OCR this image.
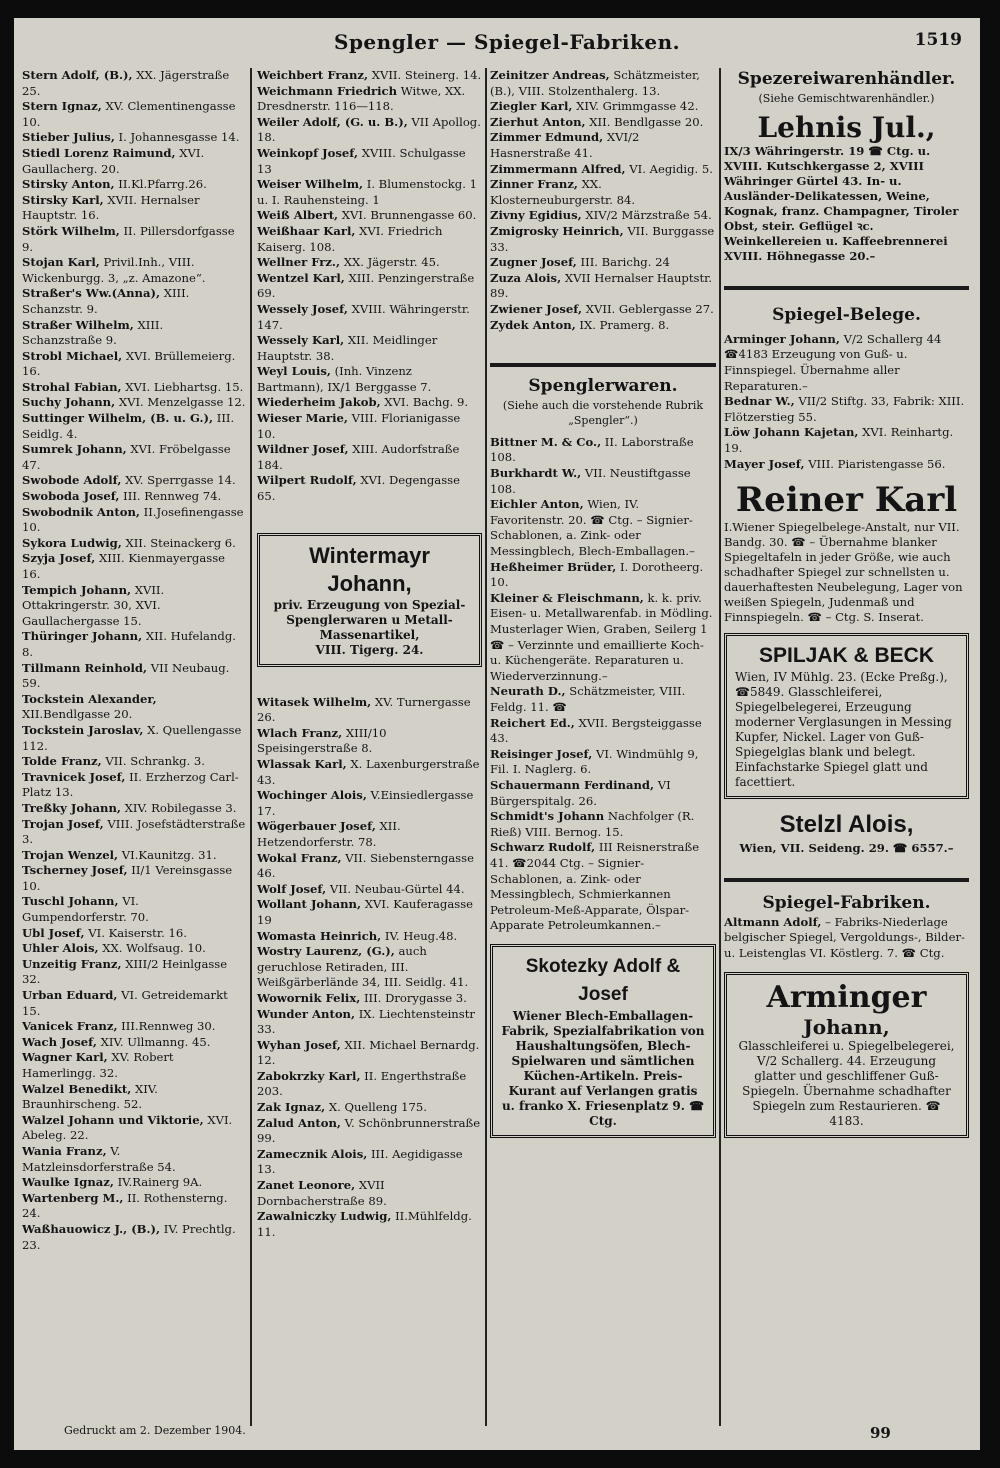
Spengler — Spiegel-Fabriken.	1519
Stern Adolf, (B.), XX. Jägerstraße 25.
Stern Ignaz, XV. Clementinengasse 10.
Stieber Julius, I. Johannesgasse 14.
Stiedl Lorenz Raimund, XVI. Gaullacherg. 20.
Stirsky Anton, II.Kl.Pfarrg.26.
Stirsky Karl, XVII. Hernalser Hauptstr. 16.
Störk Wilhelm, II. Pillersdorfgasse 9.
Stojan Karl, Privil.Inh., VIII. Wickenburgg. 3, „z. Amazone“.
Straßer's Ww.(Anna), XIII. Schanzstr. 9.
Straßer Wilhelm, XIII. Schanzstraße 9.
Strobl Michael, XVI. Brüllemeierg. 16.
Strohal Fabian, XVI. Liebhartsg. 15.
Suchy Johann, XVI. Menzelgasse 12.
Suttinger Wilhelm, (B. u. G.), III. Seidlg. 4.
Sumrek Johann, XVI. Fröbelgasse 47.
Swobode Adolf, XV. Sperrgasse 14.
Swoboda Josef, III. Rennweg 74.
Swobodnik Anton, II.Josefinengasse 10.
Sykora Ludwig, XII. Steinackerg 6.
Szyja Josef, XIII. Kienmayergasse 16.
Tempich Johann, XVII. Ottakringerstr. 30, XVI. Gaullachergasse 15.
Thüringer Johann, XII. Hufelandg. 8.
Tillmann Reinhold, VII Neubaug. 59.
Tockstein Alexander, XII.Bendlgasse 20.
Tockstein Jaroslav, X. Quellengasse 112.
Tolde Franz, VII. Schrankg. 3.
Travnicek Josef, II. Erzherzog Carl-Platz 13.
Treßky Johann, XIV. Robilegasse 3.
Trojan Josef, VIII. Josefstädterstraße 3.
Trojan Wenzel, VI.Kaunitzg. 31.
Tscherney Josef, II/1 Vereinsgasse 10.
Tuschl Johann, VI. Gumpendorferstr. 70.
Ubl Josef, VI. Kaiserstr. 16.
Uhler Alois, XX. Wolfsaug. 10.
Unzeitig Franz, XIII/2 Heinlgasse 32.
Urban Eduard, VI. Getreidemarkt 15.
Vanicek Franz, III.Rennweg 30.
Wach Josef, XIV. Ullmanng. 45.
Wagner Karl, XV. Robert Hamerlingg. 32.
Walzel Benedikt, XIV. Braunhirscheng. 52.
Walzel Johann und Viktorie, XVI. Abeleg. 22.
Wania Franz, V. Matzleinsdorferstraße 54.
Waulke Ignaz, IV.Rainerg 9A.
Wartenberg M., II. Rothensterng. 24.
Waßhauowicz J., (B.), IV. Prechtlg. 23.
Weichbert Franz, XVII. Steinerg. 14.
Weichmann Friedrich Witwe, XX. Dresdnerstr. 116—118.
Weiler Adolf, (G. u. B.), VII Apollog. 18.
Weinkopf Josef, XVIII. Schulgasse 13
Weiser Wilhelm, I. Blumenstockg. 1 u. I. Rauhensteing. 1
Weiß Albert, XVI. Brunnengasse 60.
Weißhaar Karl, XVI. Friedrich Kaiserg. 108.
Wellner Frz., XX. Jägerstr. 45.
Wentzel Karl, XIII. Penzingerstraße 69.
Wessely Josef, XVIII. Währingerstr. 147.
Wessely Karl, XII. Meidlinger Hauptstr. 38.
Weyl Louis, (Inh. Vinzenz Bartmann), IX/1 Berggasse 7.
Wiederheim Jakob, XVI. Bachg. 9.
Wieser Marie, VIII. Florianigasse 10.
Wildner Josef, XIII. Audorfstraße 184.
Wilpert Rudolf, XVI. Degengasse 65.
Wintermayr Johann,
priv. Erzeugung von Spezial-Spenglerwaren u Metall-Massenartikel,
VIII. Tigerg. 24.
Witasek Wilhelm, XV. Turnergasse 26.
Wlach Franz, XIII/10 Speisingerstraße 8.
Wlassak Karl, X. Laxenburgerstraße 43.
Wochinger Alois, V.Einsiedlergasse 17.
Wögerbauer Josef, XII. Hetzendorferstr. 78.
Wokal Franz, VII. Siebensterngasse 46.
Wolf Josef, VII. Neubau-Gürtel 44.
Wollant Johann, XVI. Kauferagasse 19
Womasta Heinrich, IV. Heug.48.
Wostry Laurenz, (G.), auch geruchlose Retiraden, III. Weißgärberlände 34, III. Seidlg. 41.
Wowornik Felix, III. Drorygasse 3.
Wunder Anton, IX. Liechtensteinstr 33.
Wyhan Josef, XII. Michael Bernardg. 12.
Zabokrzky Karl, II. Engerthstraße 203.
Zak Ignaz, X. Quelleng 175.
Zalud Anton, V. Schönbrunnerstraße 99.
Zamecznik Alois, III. Aegidigasse 13.
Zanet Leonore, XVII Dornbacherstraße 89.
Zawalniczky Ludwig, II.Mühlfeldg. 11.
Zeinitzer Andreas, Schätzmeister, (B.), VIII. Stolzenthalerg. 13.
Ziegler Karl, XIV. Grimmgasse 42.
Zierhut Anton, XII. Bendlgasse 20.
Zimmer Edmund, XVI/2 Hasnerstraße 41.
Zimmermann Alfred, VI. Aegidig. 5.
Zinner Franz, XX. Klosterneuburgerstr. 84.
Zivny Egidius, XIV/2 Märzstraße 54.
Zmigrosky Heinrich, VII. Burggasse 33.
Zugner Josef, III. Barichg. 24
Zuza Alois, XVII Hernalser Hauptstr. 89.
Zwiener Josef, XVII. Geblergasse 27.
Zydek Anton, IX. Pramerg. 8.
Spenglerwaren.
(Siehe auch die vorstehende Rubrik „Spengler“.)
Bittner M. & Co., II. Laborstraße 108.
Burkhardt W., VII. Neustiftgasse 108.
Eichler Anton, Wien, IV. Favoritenstr. 20. ☎ Ctg. – Signier-Schablonen, a. Zink- oder Messingblech, Blech-Emballagen.–
Heßheimer Brüder, I. Dorotheerg. 10.
Kleiner & Fleischmann, k. k. priv. Eisen- u. Metallwarenfab. in Mödling. Musterlager Wien, Graben, Seilerg 1 ☎ – Verzinnte und emaillierte Koch- u. Küchengeräte. Reparaturen u. Wiederverzinnung.–
Neurath D., Schätzmeister, VIII. Feldg. 11. ☎
Reichert Ed., XVII. Bergsteiggasse 43.
Reisinger Josef, VI. Windmühlg 9, Fil. I. Naglerg. 6.
Schauermann Ferdinand, VI Bürgerspitalg. 26.
Schmidt's Johann Nachfolger (R. Rieß) VIII. Bernog. 15.
Schwarz Rudolf, III Reisnerstraße 41. ☎2044 Ctg. – Signier-Schablonen, a. Zink- oder Messingblech, Schmierkannen Petroleum-Meß-Apparate, Ölspar-Apparate Petroleumkannen.–
Skotezky Adolf & Josef
Wiener Blech-Emballagen-Fabrik, Spezialfabrikation von Haushaltungsöfen, Blech-Spielwaren und sämtlichen Küchen-Artikeln. Preis-Kurant auf Verlangen gratis u. franko X. Friesenplatz 9. ☎ Ctg.
Spezereiwarenhändler.
(Siehe Gemischtwarenhändler.)
Lehnis Jul.,
IX/3 Währingerstr. 19 ☎ Ctg. u. XVIII. Kutschkergasse 2, XVIII Währinger Gürtel 43. In- u. Ausländer-Delikatessen, Weine, Kognak, franz. Champagner, Tiroler Obst, steir. Geflügel ꝛc. Weinkellereien u. Kaffeebrennerei XVIII. Höhnegasse 20.–
Spiegel-Belege.
Arminger Johann, V/2 Schallerg 44 ☎4183 Erzeugung von Guß- u. Finnspiegel. Übernahme aller Reparaturen.–
Bednar W., VII/2 Stiftg. 33, Fabrik: XIII. Flötzerstieg 55.
Löw Johann Kajetan, XVI. Reinhartg. 19.
Mayer Josef, VIII. Piaristengasse 56.
Reiner Karl
I.Wiener Spiegelbelege-Anstalt, nur VII. Bandg. 30. ☎ – Übernahme blanker Spiegeltafeln in jeder Größe, wie auch schadhafter Spiegel zur schnellsten u. dauerhaftesten Neubelegung, Lager von weißen Spiegeln, Judenmaß und Finnspiegeln. ☎ – Ctg. S. Inserat.
SPILJAK & BECK
Wien, IV Mühlg. 23. (Ecke Preßg.), ☎5849. Glasschleiferei, Spiegelbelegerei, Erzeugung moderner Verglasungen in Messing Kupfer, Nickel. Lager von Guß-Spiegelglas blank und belegt. Einfachstarke Spiegel glatt und facettiert.
Stelzl Alois,
Wien, VII. Seideng. 29. ☎ 6557.–
Spiegel-Fabriken.
Altmann Adolf, – Fabriks-Niederlage belgischer Spiegel, Vergoldungs-, Bilder- u. Leistenglas VI. Köstlerg. 7. ☎ Ctg.
Arminger
Johann,
Glasschleiferei u. Spiegelbelegerei, V/2 Schallerg. 44. Erzeugung glatter und geschliffener Guß-Spiegeln. Übernahme schadhafter Spiegeln zum Restaurieren. ☎ 4183.
Gedruckt am 2. Dezember 1904.	99
